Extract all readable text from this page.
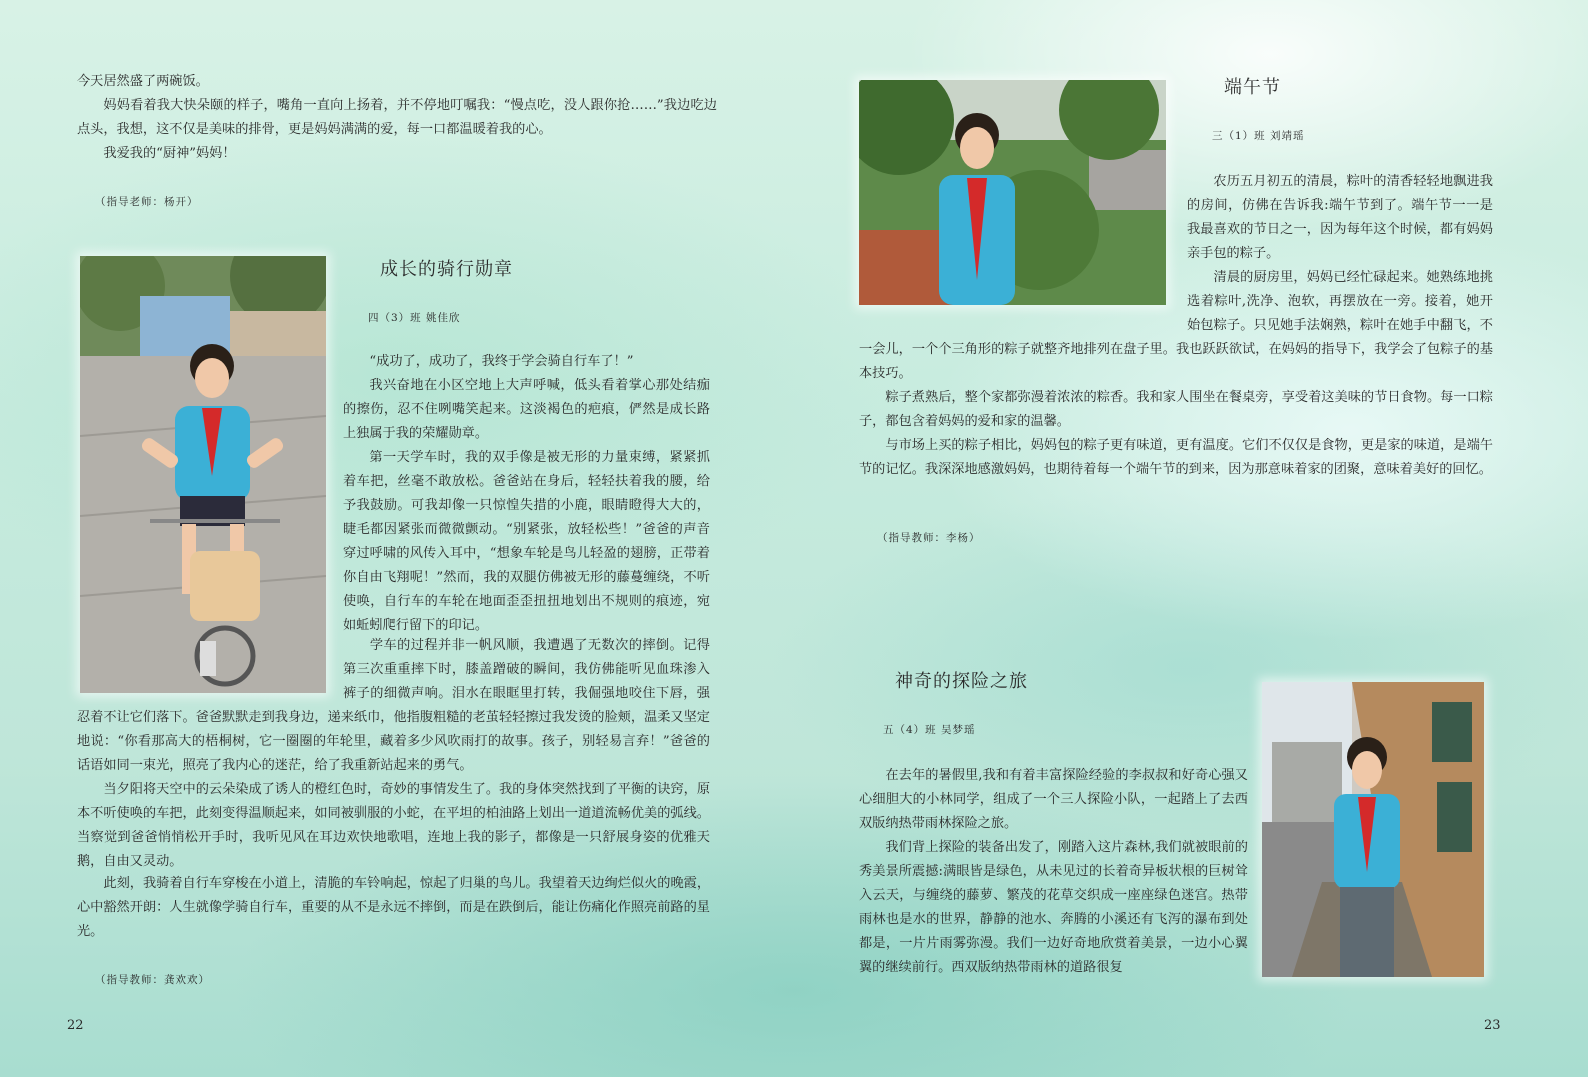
今天居然盛了两碗饭。

妈妈看着我大快朵颐的样子，嘴角一直向上扬着，并不停地叮嘱我：“慢点吃，没人跟你抢……”我边吃边点头，我想，这不仅是美味的排骨，更是妈妈满满的爱，每一口都温暖着我的心。

我爱我的“厨神”妈妈！

（指导老师：杨开）
成长的骑行勋章
四（3）班 姚佳欣

“成功了，成功了，我终于学会骑自行车了！”

我兴奋地在小区空地上大声呼喊，低头看着掌心那处结痂的擦伤，忍不住咧嘴笑起来。这淡褐色的疤痕，俨然是成长路上独属于我的荣耀勋章。

第一天学车时，我的双手像是被无形的力量束缚，紧紧抓着车把，丝毫不敢放松。爸爸站在身后，轻轻扶着我的腰，给予我鼓励。可我却像一只惊惶失措的小鹿，眼睛瞪得大大的，睫毛都因紧张而微微颤动。“别紧张，放轻松些！”爸爸的声音穿过呼啸的风传入耳中，“想象车轮是鸟儿轻盈的翅膀，正带着你自由飞翔呢！”然而，我的双腿仿佛被无形的藤蔓缠绕，不听使唤，自行车的车轮在地面歪歪扭扭地划出不规则的痕迹，宛如蚯蚓爬行留下的印记。

学车的过程并非一帆风顺，我遭遇了无数次的摔倒。记得第三次重重摔下时，膝盖蹭破的瞬间，我仿佛能听见血珠渗入裤子的细微声响。泪水在眼眶里打转，我倔强地咬住下唇，强忍着不让它们落下。爸爸默默走到我身边，递来纸巾，他指腹粗糙的老茧轻轻擦过我发烫的脸颊，温柔又坚定地说：“你看那高大的梧桐树，它一圈圈的年轮里，藏着多少风吹雨打的故事。孩子，别轻易言弃！”爸爸的话语如同一束光，照亮了我内心的迷茫，给了我重新站起来的勇气。

当夕阳将天空中的云朵染成了诱人的橙红色时，奇妙的事情发生了。我的身体突然找到了平衡的诀窍，原本不听使唤的车把，此刻变得温顺起来，如同被驯服的小蛇，在平坦的柏油路上划出一道道流畅优美的弧线。当察觉到爸爸悄悄松开手时，我听见风在耳边欢快地歌唱，连地上我的影子，都像是一只舒展身姿的优雅天鹅，自由又灵动。

此刻，我骑着自行车穿梭在小道上，清脆的车铃响起，惊起了归巢的鸟儿。我望着天边绚烂似火的晚霞，心中豁然开朗：人生就像学骑自行车，重要的从不是永远不摔倒，而是在跌倒后，能让伤痛化作照亮前路的星光。

（指导教师：龚欢欢）
22
端午节
三（1）班 刘靖瑶

农历五月初五的清晨，粽叶的清香轻轻地飘进我的房间，仿佛在告诉我:端午节到了。端午节一一是我最喜欢的节日之一，因为每年这个时候，都有妈妈亲手包的粽子。

清晨的厨房里，妈妈已经忙碌起来。她熟练地挑选着粽叶,洗净、泡软，再摆放在一旁。接着，她开始包粽子。只见她手法娴熟，粽叶在她手中翻飞，不一会儿，一个个三角形的粽子就整齐地排列在盘子里。我也跃跃欲试，在妈妈的指导下，我学会了包粽子的基本技巧。

粽子煮熟后，整个家都弥漫着浓浓的粽香。我和家人围坐在餐桌旁，享受着这美味的节日食物。每一口粽子，都包含着妈妈的爱和家的温馨。

与市场上买的粽子相比，妈妈包的粽子更有味道，更有温度。它们不仅仅是食物，更是家的味道，是端午节的记忆。我深深地感激妈妈，也期待着每一个端午节的到来，因为那意味着家的团聚，意味着美好的回忆。

（指导教师：李杨）
神奇的探险之旅
五（4）班 吴梦瑶

在去年的暑假里,我和有着丰富探险经验的李叔叔和好奇心强又心细胆大的小林同学，组成了一个三人探险小队，一起踏上了去西双版纳热带雨林探险之旅。

我们背上探险的装备出发了，刚踏入这片森林,我们就被眼前的秀美景所震撼:满眼皆是绿色，从未见过的长着奇异板状根的巨树耸入云天，与缠绕的藤萝、繁茂的花草交织成一座座绿色迷宫。热带雨林也是水的世界，静静的池水、奔腾的小溪还有飞泻的瀑布到处都是，一片片雨雾弥漫。我们一边好奇地欣赏着美景，一边小心翼翼的继续前行。西双版纳热带雨林的道路很复

23
